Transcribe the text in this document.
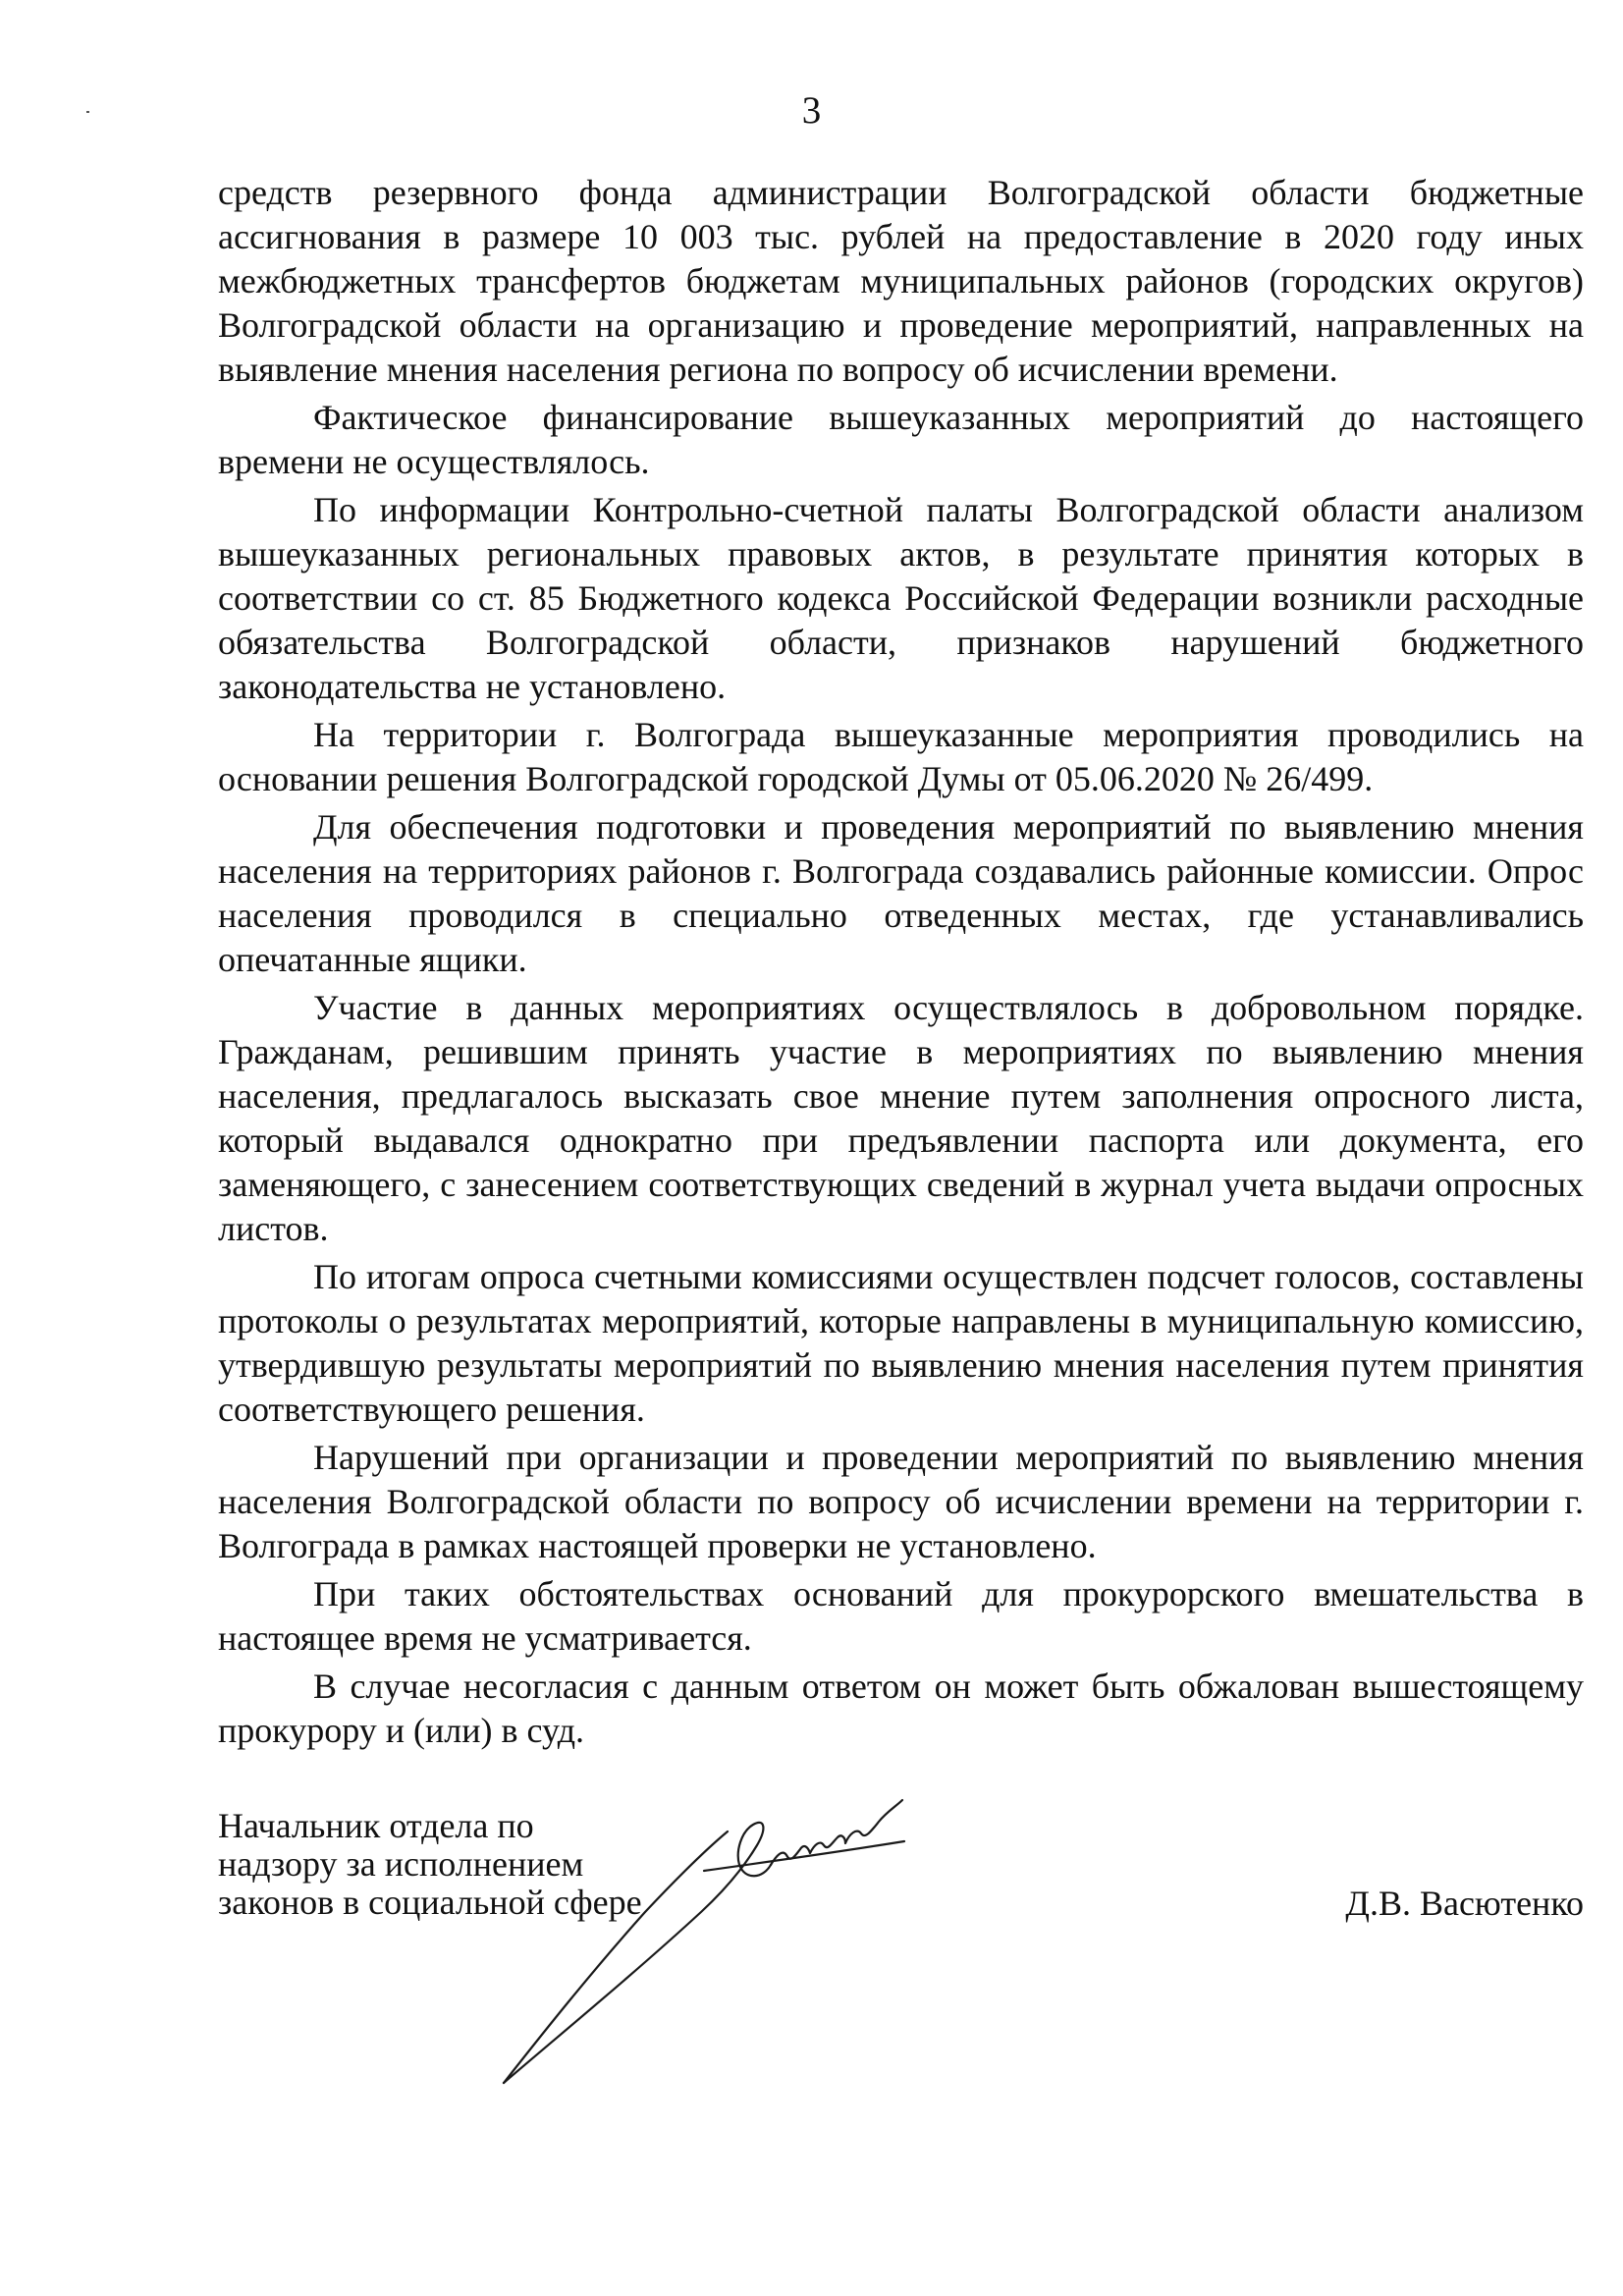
3

средств резервного фонда администрации Волгоградской области бюджетные ассигнования в размере 10 003 тыс. рублей на предоставление в 2020 году иных межбюджетных трансфертов бюджетам муниципальных районов (городских округов) Волгоградской области на организацию и проведение мероприятий, направленных на выявление мнения населения региона по вопросу об исчислении времени.

Фактическое финансирование вышеуказанных мероприятий до настоящего времени не осуществлялось.

По информации Контрольно-счетной палаты Волгоградской области анализом вышеуказанных региональных правовых актов, в результате принятия которых в соответствии со ст. 85 Бюджетного кодекса Российской Федерации возникли расходные обязательства Волгоградской области, признаков нарушений бюджетного законодательства не установлено.

На территории г. Волгограда вышеуказанные мероприятия проводились на основании решения Волгоградской городской Думы от 05.06.2020 № 26/499.

Для обеспечения подготовки и проведения мероприятий по выявлению мнения населения на территориях районов г. Волгограда создавались районные комиссии. Опрос населения проводился в специально отведенных местах, где устанавливались опечатанные ящики.

Участие в данных мероприятиях осуществлялось в добровольном порядке. Гражданам, решившим принять участие в мероприятиях по выявлению мнения населения, предлагалось высказать свое мнение путем заполнения опросного листа, который выдавался однократно при предъявлении паспорта или документа, его заменяющего, с занесением соответствующих сведений в журнал учета выдачи опросных листов.

По итогам опроса счетными комиссиями осуществлен подсчет голосов, составлены протоколы о результатах мероприятий, которые направлены в муниципальную комиссию, утвердившую результаты мероприятий по выявлению мнения населения путем принятия соответствующего решения.

Нарушений при организации и проведении мероприятий по выявлению мнения населения Волгоградской области по вопросу об исчислении времени на территории г. Волгограда в рамках настоящей проверки не установлено.

При таких обстоятельствах оснований для прокурорского вмешательства в настоящее время не усматривается.

В случае несогласия с данным ответом он может быть обжалован вышестоящему прокурору и (или) в суд.

Начальник отдела по
надзору за исполнением
законов в социальной сфере	Д.В. Васютенко
